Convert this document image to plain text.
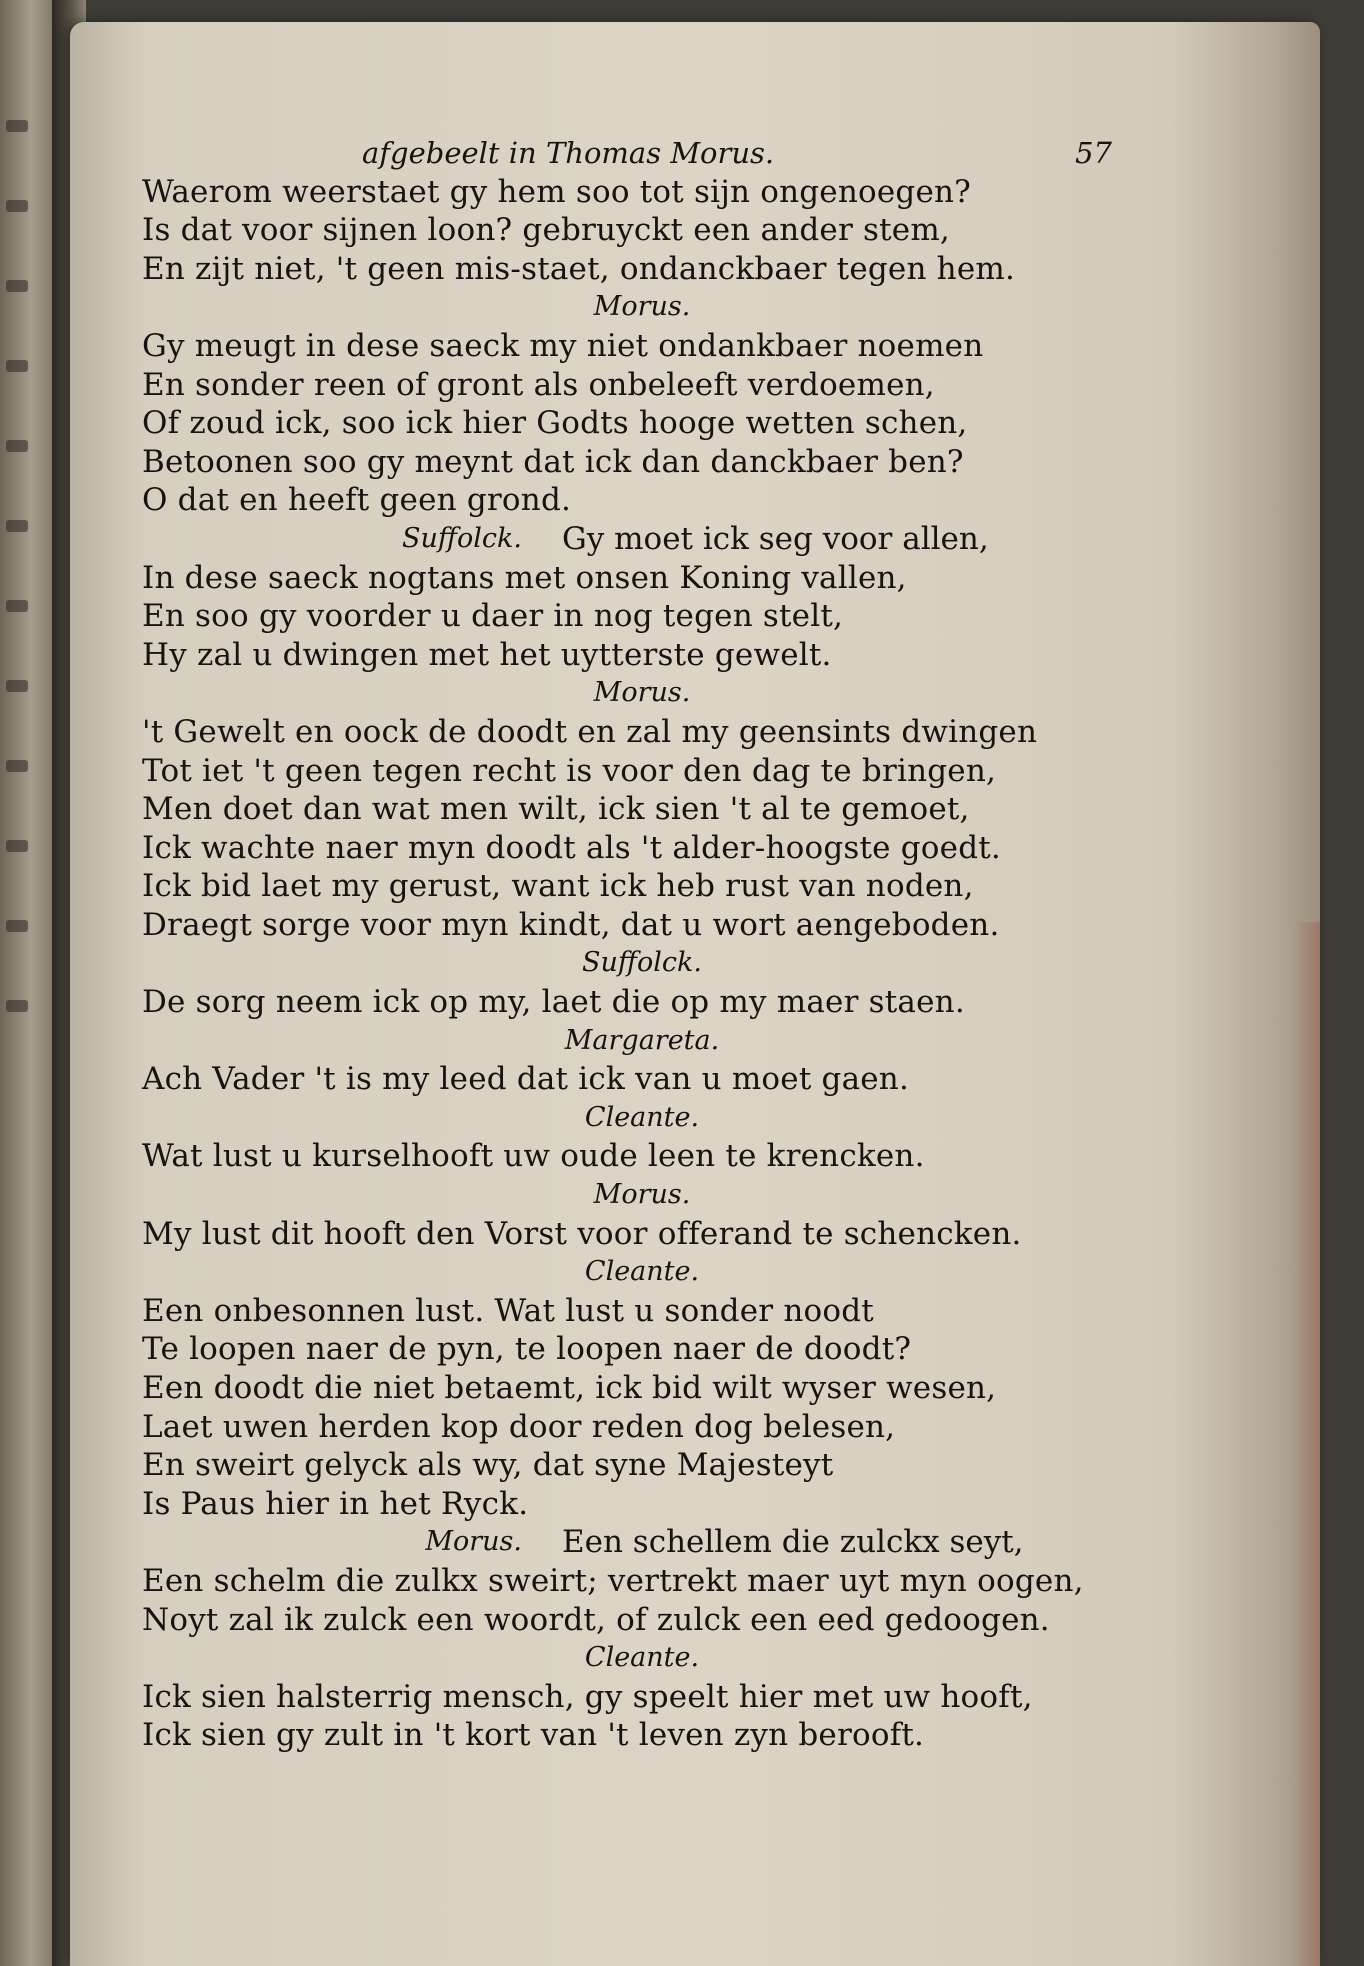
afgebeelt in Thomas Morus.	57
Waerom weerstaet gy hem soo tot sijn ongenoegen?
Is dat voor sijnen loon? gebruyckt een ander stem,
En zijt niet, 't geen mis-staet, ondanckbaer tegen hem.
Morus.
Gy meugt in dese saeck my niet ondankbaer noemen
En sonder reen of gront als onbeleeft verdoemen,
Of zoud ick, soo ick hier Godts hooge wetten schen,
Betoonen soo gy meynt dat ick dan danckbaer ben?
O dat en heeft geen grond.
Suffolck.	Gy moet ick seg voor allen,
In dese saeck nogtans met onsen Koning vallen,
En soo gy voorder u daer in nog tegen stelt,
Hy zal u dwingen met het uytterste gewelt.
Morus.
't Gewelt en oock de doodt en zal my geensints dwingen
Tot iet 't geen tegen recht is voor den dag te bringen,
Men doet dan wat men wilt, ick sien 't al te gemoet,
Ick wachte naer myn doodt als 't alder-hoogste goedt.
Ick bid laet my gerust, want ick heb rust van noden,
Draegt sorge voor myn kindt, dat u wort aengeboden.
Suffolck.
De sorg neem ick op my, laet die op my maer staen.
Margareta.
Ach Vader 't is my leed dat ick van u moet gaen.
Cleante.
Wat lust u kurselhooft uw oude leen te krencken.
Morus.
My lust dit hooft den Vorst voor offerand te schencken.
Cleante.
Een onbesonnen lust. Wat lust u sonder noodt
Te loopen naer de pyn, te loopen naer de doodt?
Een doodt die niet betaemt, ick bid wilt wyser wesen,
Laet uwen herden kop door reden dog belesen,
En sweirt gelyck als wy, dat syne Majesteyt
Is Paus hier in het Ryck.
Morus.	Een schellem die zulckx seyt,
Een schelm die zulkx sweirt; vertrekt maer uyt myn oogen,
Noyt zal ik zulck een woordt, of zulck een eed gedoogen.
Cleante.
Ick sien halsterrig mensch, gy speelt hier met uw hooft,
Ick sien gy zult in 't kort van 't leven zyn berooft.
